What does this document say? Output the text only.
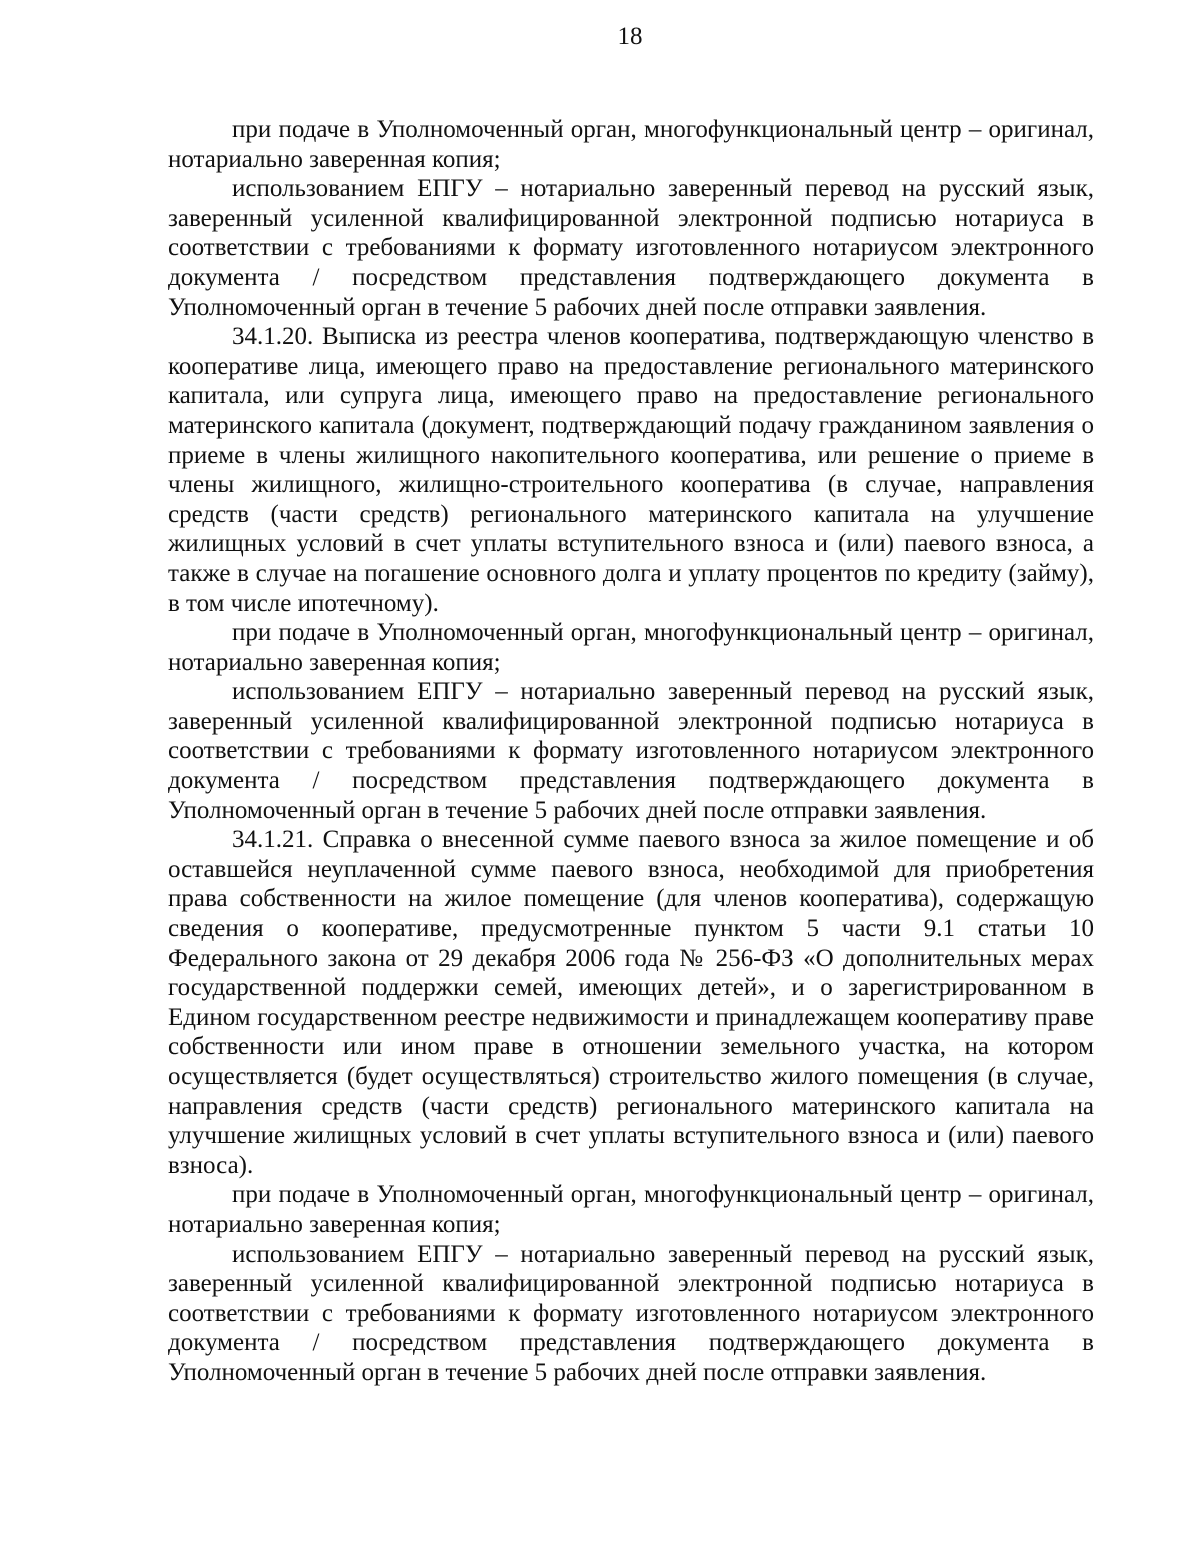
18

при подаче в Уполномоченный орган, многофункциональный центр – оригинал, нотариально заверенная копия;

использованием ЕПГУ – нотариально заверенный перевод на русский язык, заверенный усиленной квалифицированной электронной подписью нотариуса в соответствии с требованиями к формату изготовленного нотариусом электронного документа / посредством представления подтверждающего документа в Уполномоченный орган в течение 5 рабочих дней после отправки заявления.

34.1.20. Выписка из реестра членов кооператива, подтверждающую членство в кооперативе лица, имеющего право на предоставление регионального материнского капитала, или супруга лица, имеющего право на предоставление регионального материнского капитала (документ, подтверждающий подачу гражданином заявления о приеме в члены жилищного накопительного кооператива, или решение о приеме в члены жилищного, жилищно-строительного кооператива (в случае, направления средств (части средств) регионального материнского капитала на улучшение жилищных условий в счет уплаты вступительного взноса и (или) паевого взноса, а также в случае на погашение основного долга и уплату процентов по кредиту (займу), в том числе ипотечному).

при подаче в Уполномоченный орган, многофункциональный центр – оригинал, нотариально заверенная копия;

использованием ЕПГУ – нотариально заверенный перевод на русский язык, заверенный усиленной квалифицированной электронной подписью нотариуса в соответствии с требованиями к формату изготовленного нотариусом электронного документа / посредством представления подтверждающего документа в Уполномоченный орган в течение 5 рабочих дней после отправки заявления.

34.1.21. Справка о внесенной сумме паевого взноса за жилое помещение и об оставшейся неуплаченной сумме паевого взноса, необходимой для приобретения права собственности на жилое помещение (для членов кооператива), содержащую сведения о кооперативе, предусмотренные пунктом 5 части 9.1 статьи 10 Федерального закона от 29 декабря 2006 года № 256-ФЗ «О дополнительных мерах государственной поддержки семей, имеющих детей», и о зарегистрированном в Едином государственном реестре недвижимости и принадлежащем кооперативу праве собственности или ином праве в отношении земельного участка, на котором осуществляется (будет осуществляться) строительство жилого помещения (в случае, направления средств (части средств) регионального материнского капитала на улучшение жилищных условий в счет уплаты вступительного взноса и (или) паевого взноса).

при подаче в Уполномоченный орган, многофункциональный центр – оригинал, нотариально заверенная копия;

использованием ЕПГУ – нотариально заверенный перевод на русский язык, заверенный усиленной квалифицированной электронной подписью нотариуса в соответствии с требованиями к формату изготовленного нотариусом электронного документа / посредством представления подтверждающего документа в Уполномоченный орган в течение 5 рабочих дней после отправки заявления.
